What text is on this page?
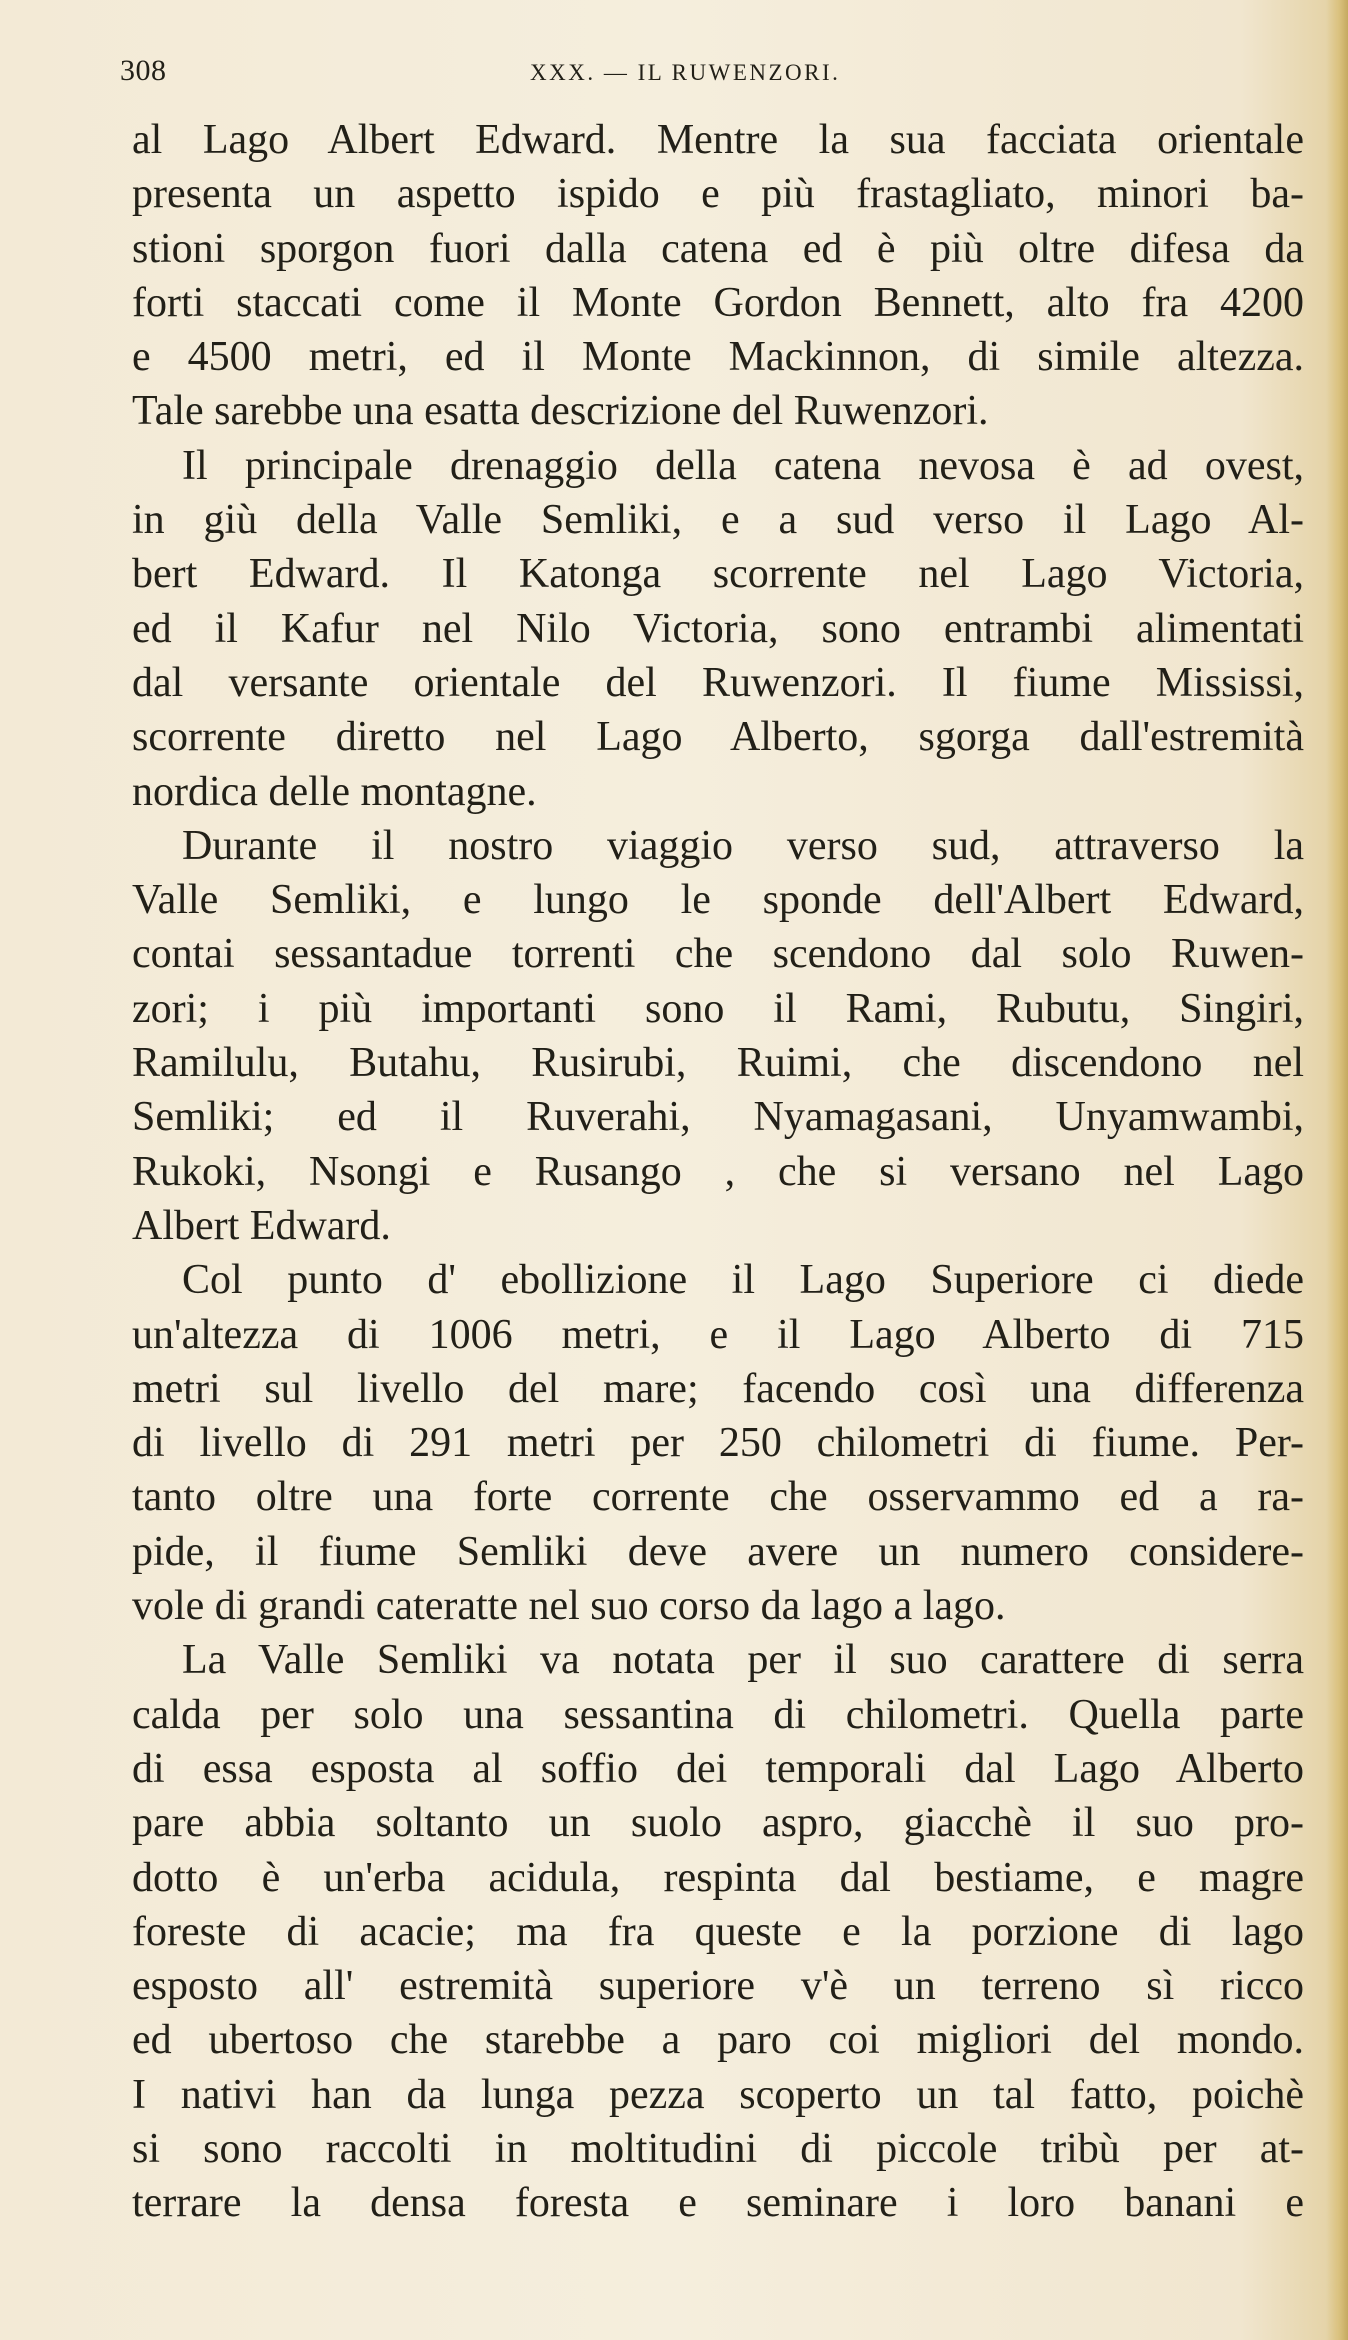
308	XXX. — IL RUWENZORI.
al Lago Albert Edward. Mentre la sua facciata orientale
presenta un aspetto ispido e più frastagliato, minori ba-
stioni sporgon fuori dalla catena ed è più oltre difesa da
forti staccati come il Monte Gordon Bennett, alto fra 4200
e 4500 metri, ed il Monte Mackinnon, di simile altezza.
Tale sarebbe una esatta descrizione del Ruwenzori.
Il principale drenaggio della catena nevosa è ad ovest,
in giù della Valle Semliki, e a sud verso il Lago Al-
bert Edward. Il Katonga scorrente nel Lago Victoria,
ed il Kafur nel Nilo Victoria, sono entrambi alimentati
dal versante orientale del Ruwenzori. Il fiume Mississi,
scorrente diretto nel Lago Alberto, sgorga dall'estremità
nordica delle montagne.
Durante il nostro viaggio verso sud, attraverso la
Valle Semliki, e lungo le sponde dell'Albert Edward,
contai sessantadue torrenti che scendono dal solo Ruwen-
zori; i più importanti sono il Rami, Rubutu, Singiri,
Ramilulu, Butahu, Rusirubi, Ruimi, che discendono nel
Semliki; ed il Ruverahi, Nyamagasani, Unyamwambi,
Rukoki, Nsongi e Rusango , che si versano nel Lago
Albert Edward.
Col punto d' ebollizione il Lago Superiore ci diede
un'altezza di 1006 metri, e il Lago Alberto di 715
metri sul livello del mare; facendo così una differenza
di livello di 291 metri per 250 chilometri di fiume. Per-
tanto oltre una forte corrente che osservammo ed a ra-
pide, il fiume Semliki deve avere un numero considere-
vole di grandi cateratte nel suo corso da lago a lago.
La Valle Semliki va notata per il suo carattere di serra
calda per solo una sessantina di chilometri. Quella parte
di essa esposta al soffio dei temporali dal Lago Alberto
pare abbia soltanto un suolo aspro, giacchè il suo pro-
dotto è un'erba acidula, respinta dal bestiame, e magre
foreste di acacie; ma fra queste e la porzione di lago
esposto all' estremità superiore v'è un terreno sì ricco
ed ubertoso che starebbe a paro coi migliori del mondo.
I nativi han da lunga pezza scoperto un tal fatto, poichè
si sono raccolti in moltitudini di piccole tribù per at-
terrare la densa foresta e seminare i loro banani e
